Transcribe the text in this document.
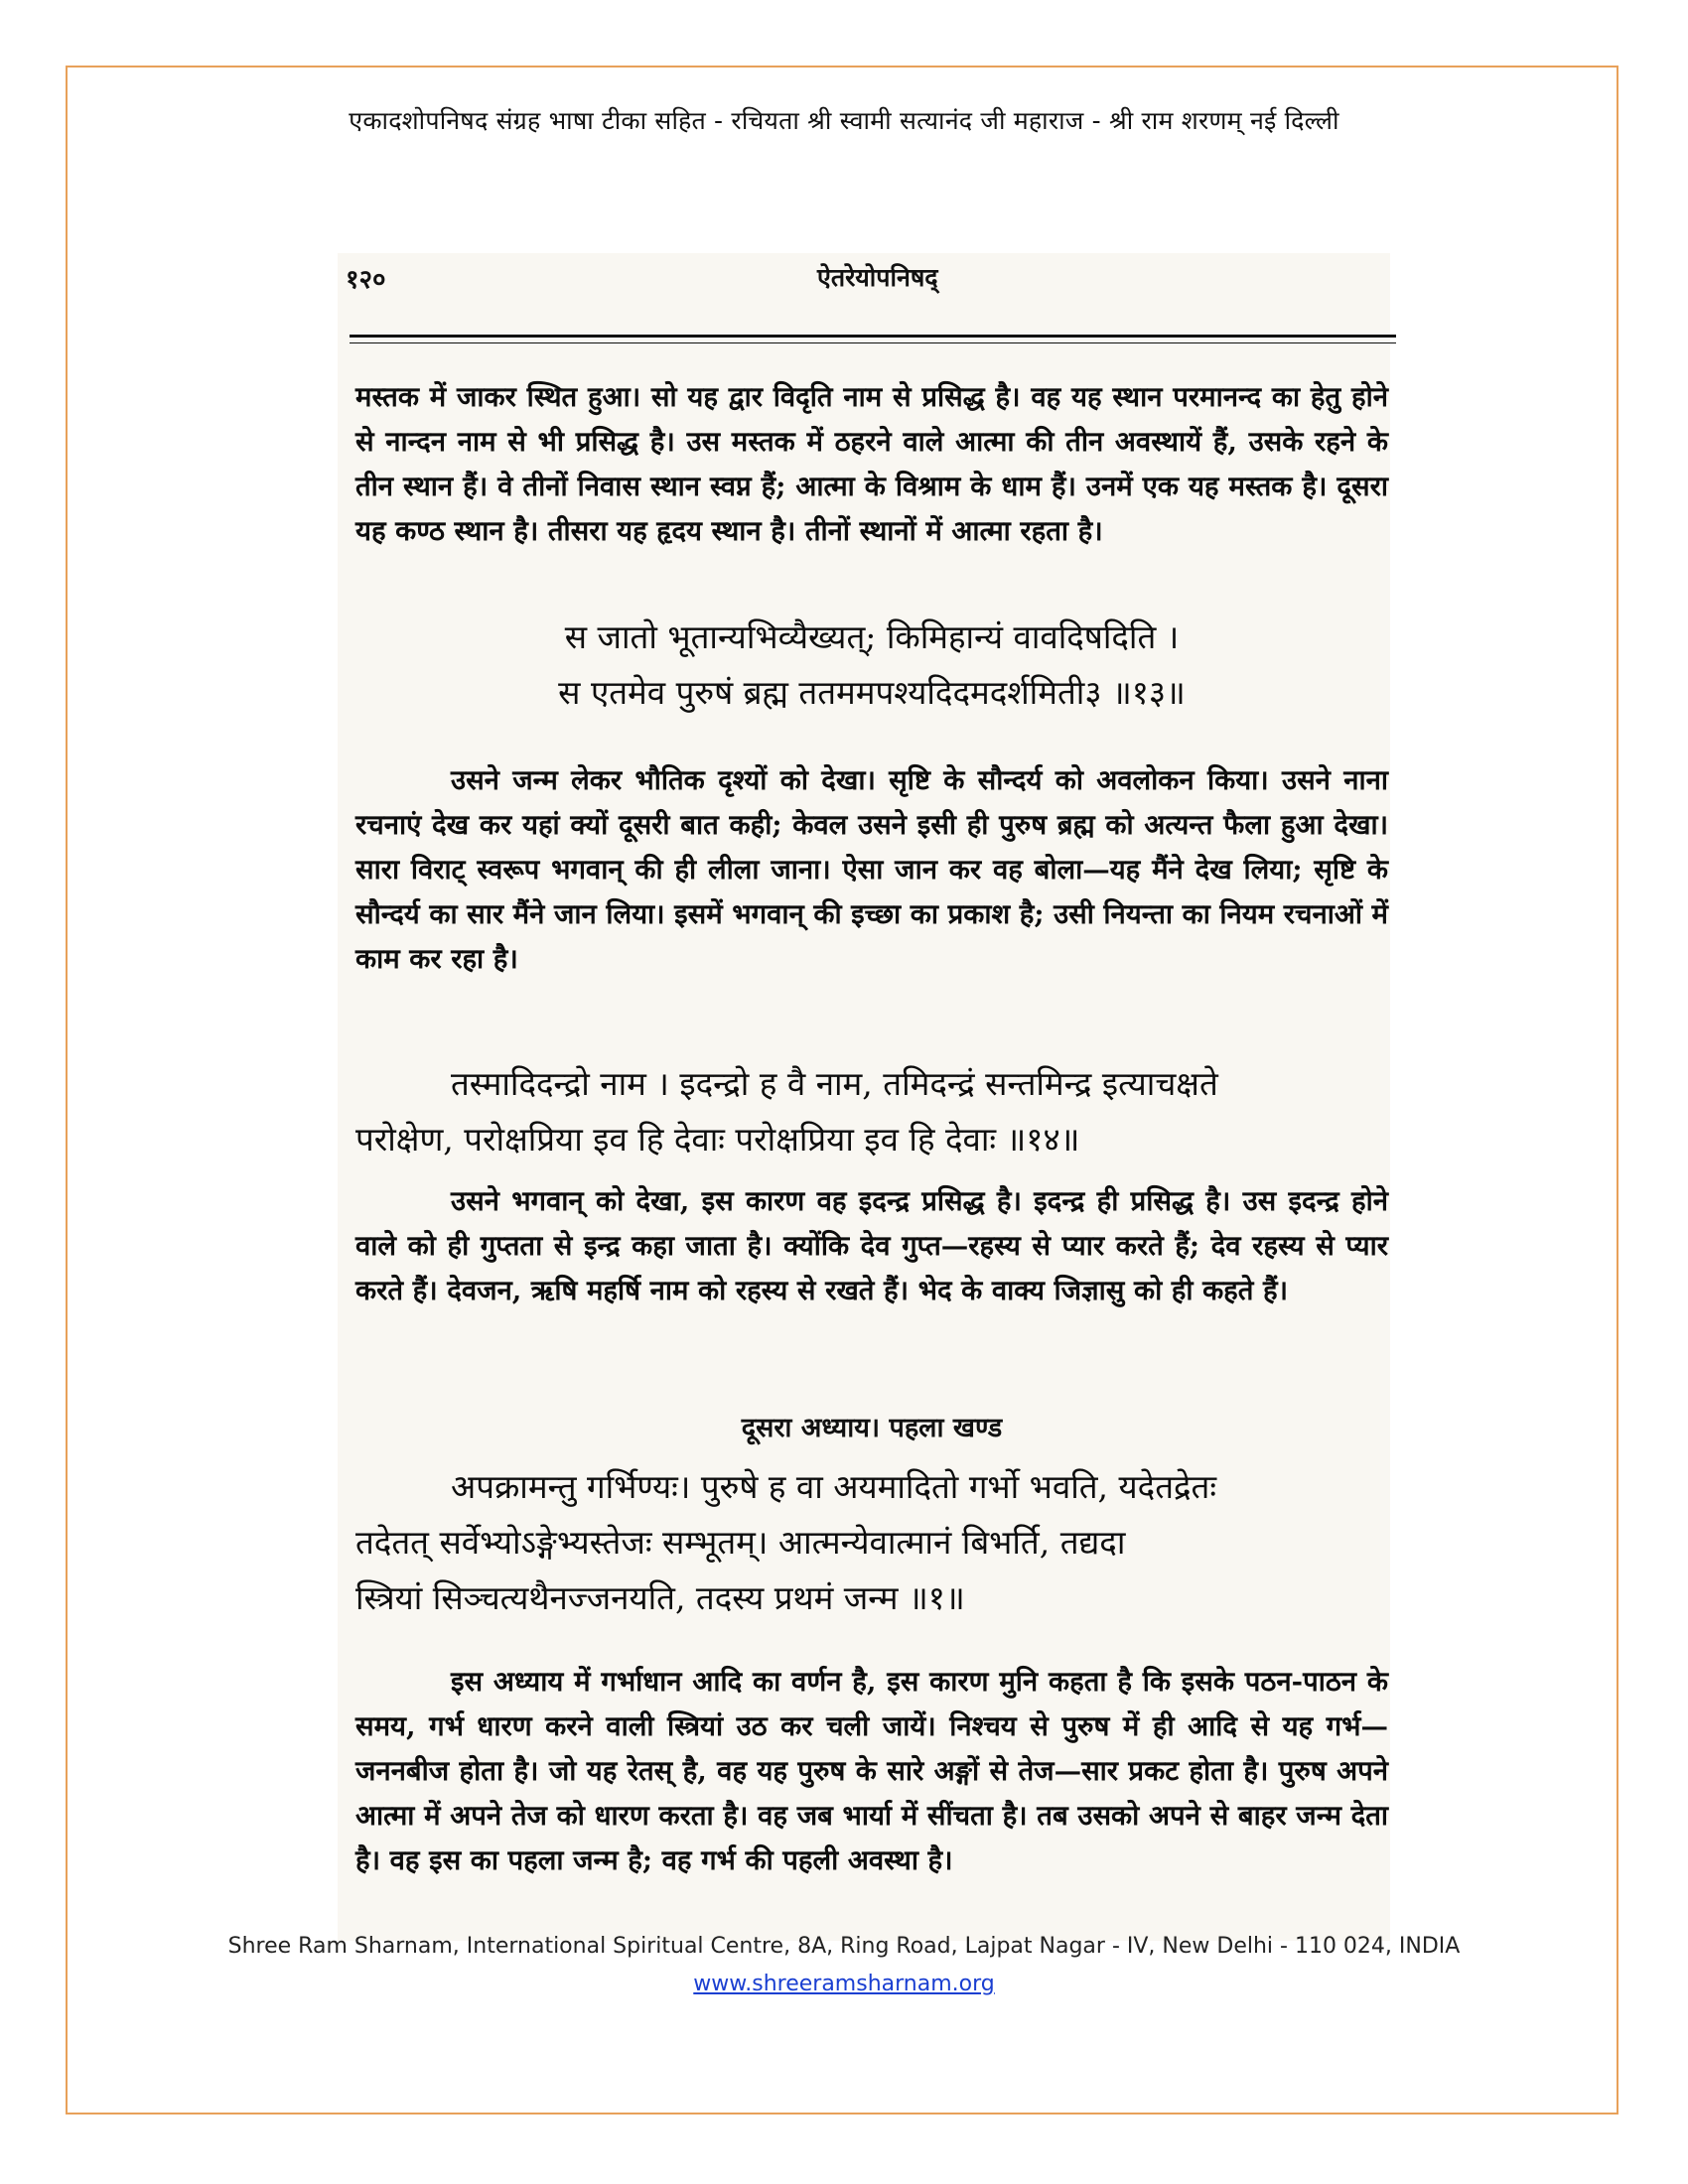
एकादशोपनिषद संग्रह भाषा टीका सहित - रचियता श्री स्वामी सत्यानंद जी महाराज - श्री राम शरणम् नई दिल्ली
१२०	ऐतरेयोपनिषद्
मस्तक में जाकर स्थित हुआ। सो यह द्वार विदृति नाम से प्रसिद्ध है। वह यह स्थान परमानन्द का हेतु होने से नान्दन नाम से भी प्रसिद्ध है। उस मस्तक में ठहरने वाले आत्मा की तीन अवस्थायें हैं, उसके रहने के तीन स्थान हैं। वे तीनों निवास स्थान स्वप्न हैं; आत्मा के विश्राम के धाम हैं। उनमें एक यह मस्तक है। दूसरा यह कण्ठ स्थान है। तीसरा यह हृदय स्थान है। तीनों स्थानों में आत्मा रहता है।
स जातो भूतान्यभिव्यैख्यत्; किमिहान्यं वावदिषदिति ।
स एतमेव पुरुषं ब्रह्म ततममपश्यदिदमदर्शमिती३ ॥१३॥
उसने जन्म लेकर भौतिक दृश्यों को देखा। सृष्टि के सौन्दर्य को अवलोकन किया। उसने नाना रचनाएं देख कर यहां क्यों दूसरी बात कही; केवल उसने इसी ही पुरुष ब्रह्म को अत्यन्त फैला हुआ देखा। सारा विराट् स्वरूप भगवान् की ही लीला जाना। ऐसा जान कर वह बोला—यह मैंने देख लिया; सृष्टि के सौन्दर्य का सार मैंने जान लिया। इसमें भगवान् की इच्छा का प्रकाश है; उसी नियन्ता का नियम रचनाओं में काम कर रहा है।
तस्मादिदन्द्रो नाम । इदन्द्रो ह वै नाम, तमिदन्द्रं सन्तमिन्द्र इत्याचक्षते
परोक्षेण, परोक्षप्रिया इव हि देवाः परोक्षप्रिया इव हि देवाः ॥१४॥
उसने भगवान् को देखा, इस कारण वह इदन्द्र प्रसिद्ध है। इदन्द्र ही प्रसिद्ध है। उस इदन्द्र होने वाले को ही गुप्तता से इन्द्र कहा जाता है। क्योंकि देव गुप्त—रहस्य से प्यार करते हैं; देव रहस्य से प्यार करते हैं। देवजन, ऋषि महर्षि नाम को रहस्य से रखते हैं। भेद के वाक्य जिज्ञासु को ही कहते हैं।
दूसरा अध्याय। पहला खण्ड
अपक्रामन्तु गर्भिण्यः। पुरुषे ह वा अयमादितो गर्भो भवति, यदेतद्रेतः
तदेतत् सर्वेभ्योऽङ्गेभ्यस्तेजः सम्भूतम्। आत्मन्येवात्मानं बिभर्ति, तद्यदा
स्त्रियां सिञ्चत्यथैनज्जनयति, तदस्य प्रथमं जन्म ॥१॥
इस अध्याय में गर्भाधान आदि का वर्णन है, इस कारण मुनि कहता है कि इसके पठन-पाठन के समय, गर्भ धारण करने वाली स्त्रियां उठ कर चली जायें। निश्चय से पुरुष में ही आदि से यह गर्भ—जननबीज होता है। जो यह रेतस् है, वह यह पुरुष के सारे अङ्गों से तेज—सार प्रकट होता है। पुरुष अपने आत्मा में अपने तेज को धारण करता है। वह जब भार्या में सींचता है। तब उसको अपने से बाहर जन्म देता है। वह इस का पहला जन्म है; वह गर्भ की पहली अवस्था है।
Shree Ram Sharnam, International Spiritual Centre, 8A, Ring Road, Lajpat Nagar - IV, New Delhi - 110 024, INDIA
www.shreeramsharnam.org
